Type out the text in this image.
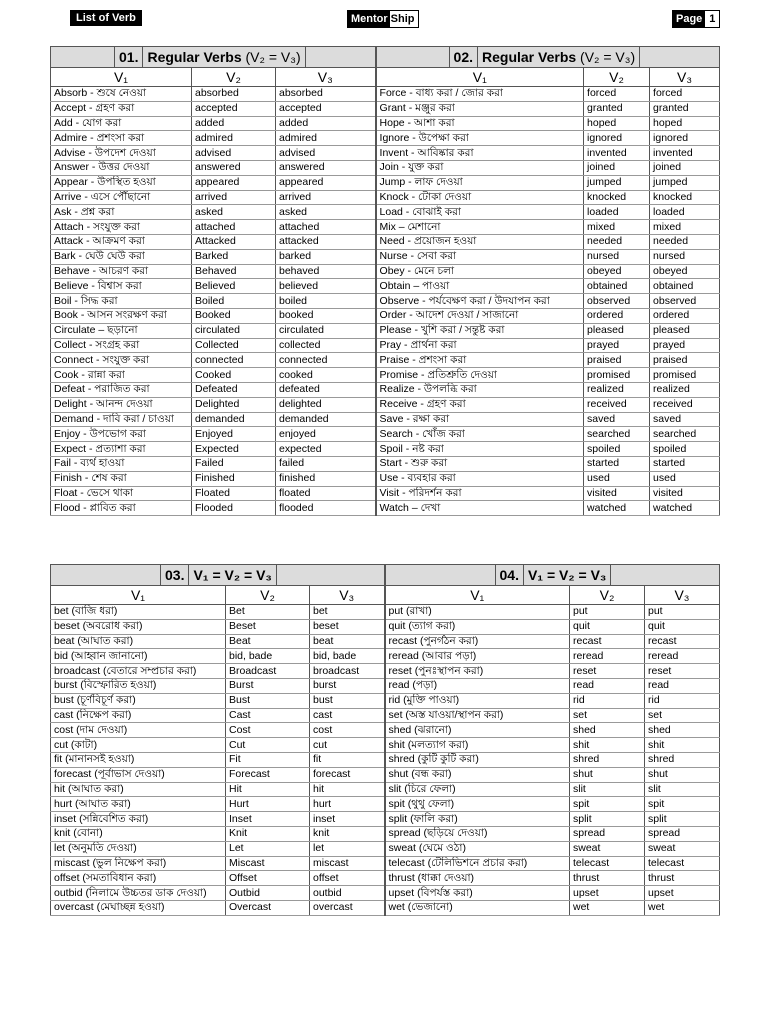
List of Verb	Mentor Ship	Page 1
01. Regular Verbs (V₂ = V₃)			02. Regular Verbs (V₂ = V₃)		

V₁	V₂	V₃	V₁	V₂	V₃
Absorb - শুষে নেওয়া	absorbed	absorbed	Force - বাধ্য করা / জোর করা	forced	forced
Accept - গ্রহণ করা	accepted	accepted	Grant - মঞ্জুর করা	granted	granted
Add - যোগ করা	added	added	Hope - আশা করা	hoped	hoped
Admire - প্রশংসা করা	admired	admired	Ignore - উপেক্ষা করা	ignored	ignored
Advise - উপদেশ দেওয়া	advised	advised	Invent - আবিষ্কার করা	invented	invented
Answer - উত্তর দেওয়া	answered	answered	Join - যুক্ত করা	joined	joined
Appear - উপস্থিত হওয়া	appeared	appeared	Jump - লাফ দেওয়া	jumped	jumped
Arrive - এসে পৌঁছানো	arrived	arrived	Knock - টোকা দেওয়া	knocked	knocked
Ask - প্রশ্ন করা	asked	asked	Load - বোঝাই করা	loaded	loaded
Attach - সংযুক্ত করা	attached	attached	Mix – মেশানো	mixed	mixed
Attack - আক্রমণ করা	Attacked	attacked	Need - প্রয়োজন হওয়া	needed	needed
Bark - ঘেউ ঘেউ করা	Barked	barked	Nurse - সেবা করা	nursed	nursed
Behave - আচরণ করা	Behaved	behaved	Obey - মেনে চলা	obeyed	obeyed
Believe - বিশ্বাস করা	Believed	believed	Obtain – পাওয়া	obtained	obtained
Boil - সিদ্ধ করা	Boiled	boiled	Observe - পর্যবেক্ষণ করা / উদযাপন করা	observed	observed
Book - আসন সংরক্ষণ করা	Booked	booked	Order - আদেশ দেওয়া / সাজানো	ordered	ordered
Circulate – ছড়ানো	circulated	circulated	Please - খুশি করা / সন্তুষ্ট করা	pleased	pleased
Collect - সংগ্রহ করা	Collected	collected	Pray - প্রার্থনা করা	prayed	prayed
Connect - সংযুক্ত করা	connected	connected	Praise - প্রশংসা করা	praised	praised
Cook - রান্না করা	Cooked	cooked	Promise - প্রতিশ্রুতি দেওয়া	promised	promised
Defeat - পরাজিত করা	Defeated	defeated	Realize - উপলব্ধি করা	realized	realized
Delight - আনন্দ দেওয়া	Delighted	delighted	Receive - গ্রহণ করা	received	received
Demand - দাবি করা / চাওয়া	demanded	demanded	Save - রক্ষা করা	saved	saved
Enjoy - উপভোগ করা	Enjoyed	enjoyed	Search - খোঁজ করা	searched	searched
Expect - প্রত্যাশা করা	Expected	expected	Spoil - নষ্ট করা	spoiled	spoiled
Fail - ব্যর্থ হাওয়া	Failed	failed	Start - শুরু করা	started	started
Finish - শেষ করা	Finished	finished	Use - ব্যবহার করা	used	used
Float - ভেসে থাকা	Floated	floated	Visit - পরিদর্শন করা	visited	visited
Flood - প্লাবিত করা	Flooded	flooded	Watch – দেখা	watched	watched
03. V₁ = V₂ = V₃			04. V₁ = V₂ = V₃		

V₁	V₂	V₃	V₁	V₂	V₃
bet (বাজি ধরা)	Bet	bet	put (রাখা)	put	put
beset (অবরোধ করা)	Beset	beset	quit (ত্যাগ করা)	quit	quit
beat (আঘাত করা)	Beat	beat	recast (পুনর্গঠন করা)	recast	recast
bid (আহ্বান জানানো)	bid, bade	bid, bade	reread (আবার পড়া)	reread	reread
broadcast (বেতারে সম্প্রচার করা)	Broadcast	broadcast	reset (পুনঃস্থাপন করা)	reset	reset
burst (বিস্ফোরিত হওয়া)	Burst	burst	read (পড়া)	read	read
bust (চূর্ণবিচূর্ণ করা)	Bust	bust	rid (মুক্তি পাওয়া)	rid	rid
cast (নিক্ষেপ করা)	Cast	cast	set (অস্ত যাওয়া/স্থাপন করা)	set	set
cost (দাম দেওয়া)	Cost	cost	shed (ঝরানো)	shed	shed
cut (কাটা)	Cut	cut	shit (মলত্যাগ করা)	shit	shit
fit (মানানসই হওয়া)	Fit	fit	shred (কুটি কুটি করা)	shred	shred
forecast (পূর্বাভাস দেওয়া)	Forecast	forecast	shut (বন্ধ করা)	shut	shut
hit (আঘাত করা)	Hit	hit	slit (চিরে ফেলা)	slit	slit
hurt (আঘাত করা)	Hurt	hurt	spit (থুথু ফেলা)	spit	spit
inset (সন্নিবেশিত করা)	Inset	inset	split (ফালি করা)	split	split
knit (বোনা)	Knit	knit	spread (ছড়িয়ে দেওয়া)	spread	spread
let (অনুমতি দেওয়া)	Let	let	sweat (ঘেমে ওঠা)	sweat	sweat
miscast (ভুল নিক্ষেপ করা)	Miscast	miscast	telecast (টেলিভিশনে প্রচার করা)	telecast	telecast
offset (সমতাবিধান করা)	Offset	offset	thrust (ধাক্কা দেওয়া)	thrust	thrust
outbid (নিলামে উচ্চতর ডাক দেওয়া)	Outbid	outbid	upset (বিপর্যস্ত করা)	upset	upset
overcast (মেঘাচ্ছন্ন হওয়া)	Overcast	overcast	wet (ভেজানো)	wet	wet
